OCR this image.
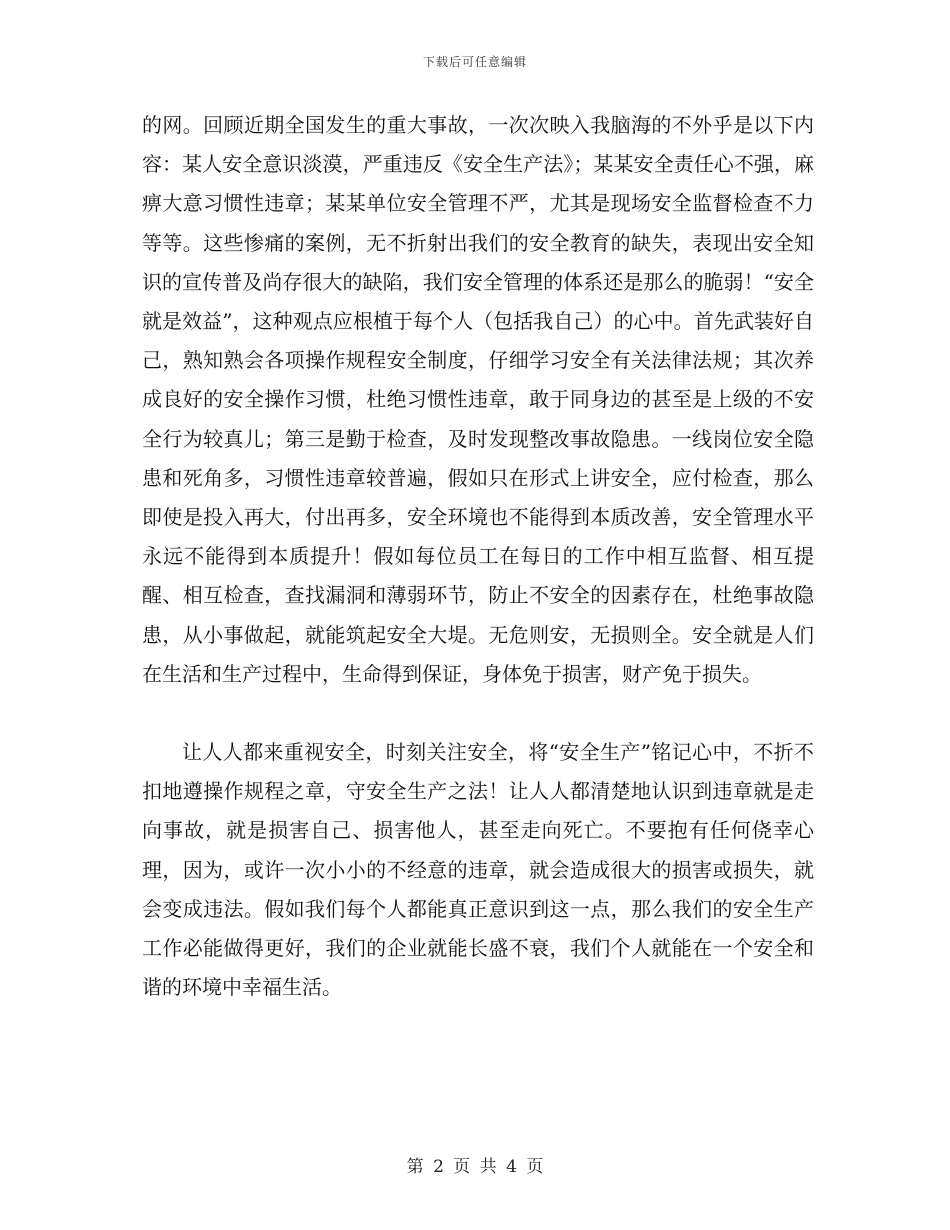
下载后可任意编辑

的网。回顾近期全国发生的重大事故，一次次映入我脑海的不外乎是以下内容：某人安全意识淡漠，严重违反《安全生产法》；某某安全责任心不强，麻痹大意习惯性违章；某某单位安全管理不严，尤其是现场安全监督检查不力等等。这些惨痛的案例，无不折射出我们的安全教育的缺失，表现出安全知识的宣传普及尚存很大的缺陷，我们安全管理的体系还是那么的脆弱！“安全就是效益”，这种观点应根植于每个人（包括我自己）的心中。首先武装好自己，熟知熟会各项操作规程安全制度，仔细学习安全有关法律法规；其次养成良好的安全操作习惯，杜绝习惯性违章，敢于同身边的甚至是上级的不安全行为较真儿；第三是勤于检查，及时发现整改事故隐患。一线岗位安全隐患和死角多，习惯性违章较普遍，假如只在形式上讲安全，应付检查，那么即使是投入再大，付出再多，安全环境也不能得到本质改善，安全管理水平永远不能得到本质提升！假如每位员工在每日的工作中相互监督、相互提醒、相互检查，查找漏洞和薄弱环节，防止不安全的因素存在，杜绝事故隐患，从小事做起，就能筑起安全大堤。无危则安，无损则全。安全就是人们在生活和生产过程中，生命得到保证，身体免于损害，财产免于损失。

让人人都来重视安全，时刻关注安全，将“安全生产”铭记心中，不折不扣地遵操作规程之章，守安全生产之法！让人人都清楚地认识到违章就是走向事故，就是损害自己、损害他人，甚至走向死亡。不要抱有任何侥幸心理，因为，或许一次小小的不经意的违章，就会造成很大的损害或损失，就会变成违法。假如我们每个人都能真正意识到这一点，那么我们的安全生产工作必能做得更好，我们的企业就能长盛不衰，我们个人就能在一个安全和谐的环境中幸福生活。

第 2 页 共 4 页
